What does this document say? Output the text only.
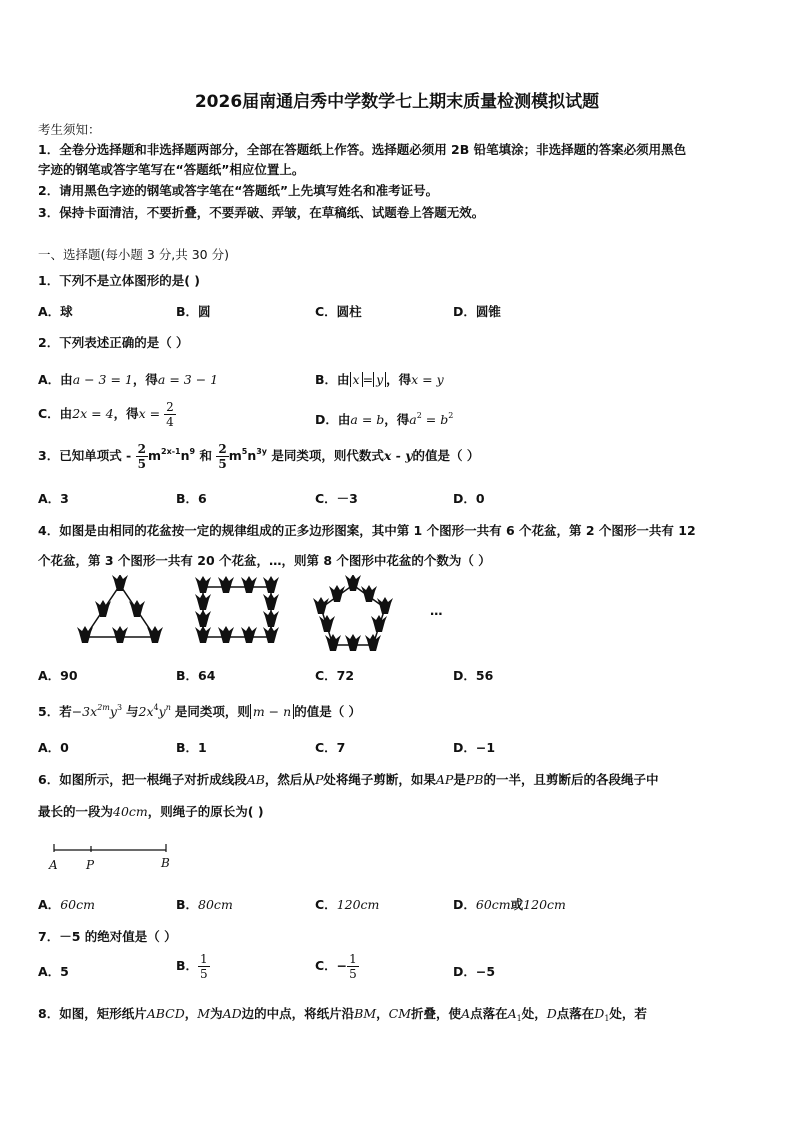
2026届南通启秀中学数学七上期末质量检测模拟试题
考生须知：
1．全卷分选择题和非选择题两部分，全部在答题纸上作答。选择题必须用 2B 铅笔填涂；非选择题的答案必须用黑色
字迹的钢笔或答字笔写在“答题纸”相应位置上。
2．请用黑色字迹的钢笔或答字笔在“答题纸”上先填写姓名和准考证号。
3．保持卡面清洁，不要折叠，不要弄破、弄皱，在草稿纸、试题卷上答题无效。
一、选择题(每小题 3 分,共 30 分)
1．下列不是立体图形的是( )
A．球	B．圆	C．圆柱	D．圆锥
2．下列表述正确的是（ ）
A．由a − 3 = 1，得a = 3 − 1	B．由 x = y ，得x = y
C．由2x = 4，得$x = \frac{2}{4}$	D．由a = b，得$a^2 = b^2$
3．已知单项式 - $\frac{2}{5} m^{2x-1}n^9$ 和 $\frac{2}{5} m^5n^{3y}$ 是同类项，则代数式x - y的值是（ ）
A．3	B．6	C．－3	D．0
4．如图是由相同的花盆按一定的规律组成的正多边形图案，其中第 1 个图形一共有 6 个花盆，第 2 个图形一共有 12
个花盆，第 3 个图形一共有 20 个花盆，…，则第 8 个图形中花盆的个数为（ ）
…
A．90	B．64	C．72	D．56
5．若$-3x^{2m}y^3$ 与$2x^4y^n$ 是同类项，则 m − n 的值是（ ）
A．0	B．1	C．7	D．−1
6．如图所示，把一根绳子对折成线段AB，然后从P处将绳子剪断，如果AP是PB的一半，且剪断后的各段绳子中
最长的一段为40cm，则绳子的原长为( )
A P	B
A．60cm	B．80cm	C．120cm	D．60cm或120cm
7．－5 的绝对值是（ ）
A．5	B． $\frac{1}{5}$	C．− $\frac{1}{5}$	D．−5
8．如图，矩形纸片ABCD，M为AD边的中点，将纸片沿BM，CM折叠，使A点落在$A_1$处，D点落在$D_1$处，若
